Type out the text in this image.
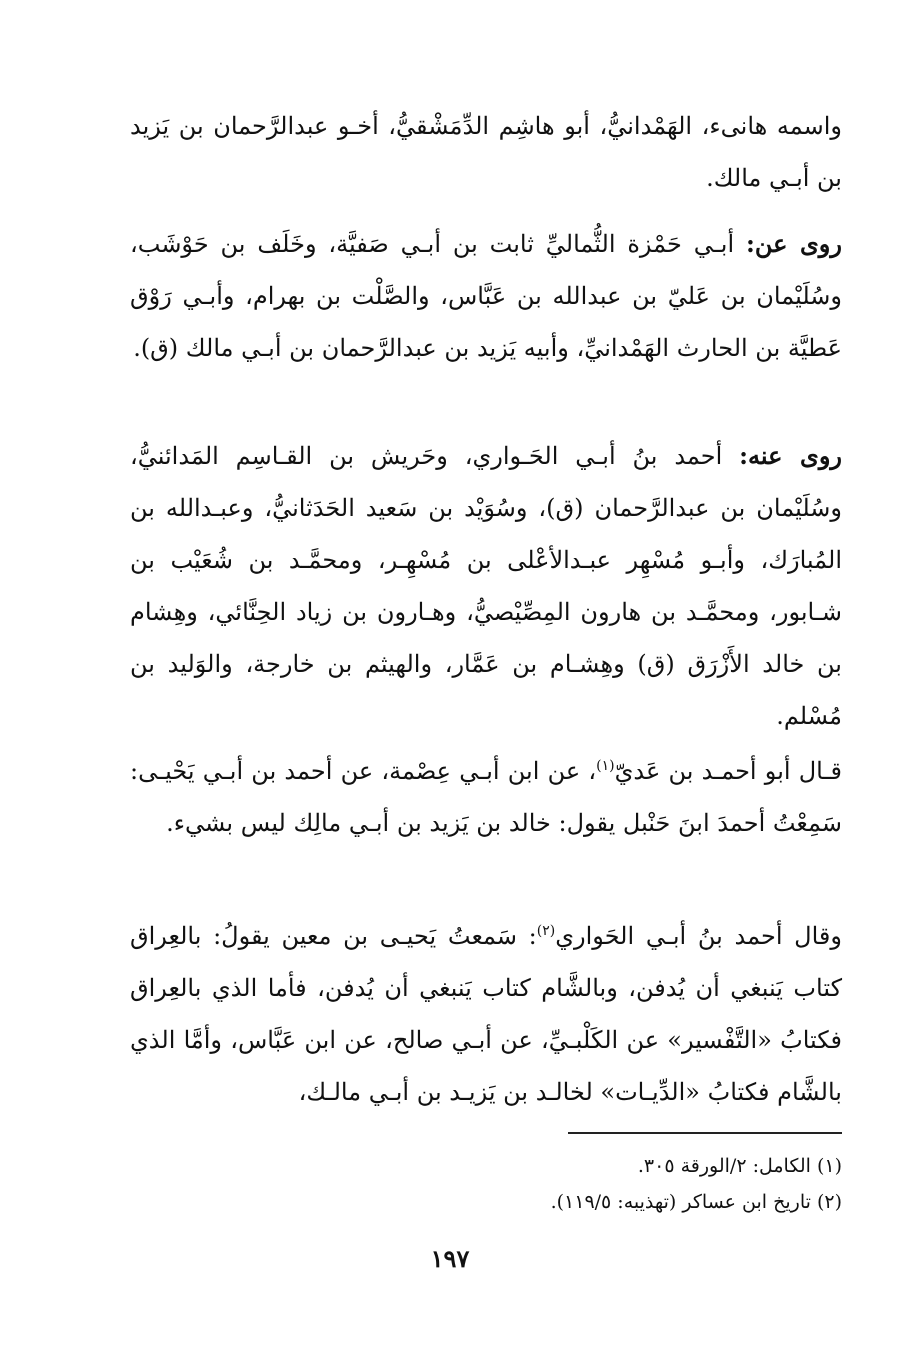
واسمه هانىء، الهَمْدانيُّ، أبو هاشِم الدِّمَشْقيُّ، أخـو عبدالرَّحمان بن يَزيد بن أبـي مالك.

روى عن: أبـي حَمْزة الثُّماليِّ ثابت بن أبـي صَفيَّة، وخَلَف بن حَوْشَب، وسُلَيْمان بن عَليّ بن عبدالله بن عَبَّاس، والصَّلْت بن بهرام، وأبـي رَوْق عَطيَّة بن الحارث الهَمْدانيِّ، وأبيه يَزيد بن عبدالرَّحمان بن أبـي مالك (ق).

روى عنه: أحمد بنُ أبـي الحَـواري، وحَريش بن القـاسِم المَدائنيُّ، وسُلَيْمان بن عبدالرَّحمان (ق)، وسُوَيْد بن سَعيد الحَدَثانيُّ، وعبـدالله بن المُبارَك، وأبـو مُسْهِر عبـدالأعْلى بن مُسْهِـر، ومحمَّـد بن شُعَيْب بن شـابور، ومحمَّـد بن هارون المِصِّيْصيُّ، وهـارون بن زياد الحِنَّائي، وهِشام بن خالد الأَزْرَق (ق) وهِشـام بن عَمَّار، والهيثم بن خارجة، والوَليد بن مُسْلم.

قـال أبو أحمـد بن عَديّ$^{(١)}$، عن ابن أبـي عِصْمة، عن أحمد بن أبـي يَحْيـى: سَمِعْتُ أحمدَ ابنَ حَنْبل يقول: خالد بن يَزيد بن أبـي مالِك ليس بشيء.

وقال أحمد بنُ أبـي الحَواري$^{(٢)}$: سَمعتُ يَحيـى بن معين يقولُ: بالعِراق كتاب يَنبغي أن يُدفن، وبالشَّام كتاب يَنبغي أن يُدفن، فأما الذي بالعِراق فكتابُ «التَّفْسير» عن الكَلْبـيِّ، عن أبـي صالح، عن ابن عَبَّاس، وأمَّا الذي بالشَّام فكتابُ «الدِّيـات» لخالـد بن يَزيـد بن أبـي مالـك،

(١) الكامل: ٢/الورقة ٣٠٥.
(٢) تاريخ ابن عساكر (تهذيبه: ١١٩/٥).
١٩٧
